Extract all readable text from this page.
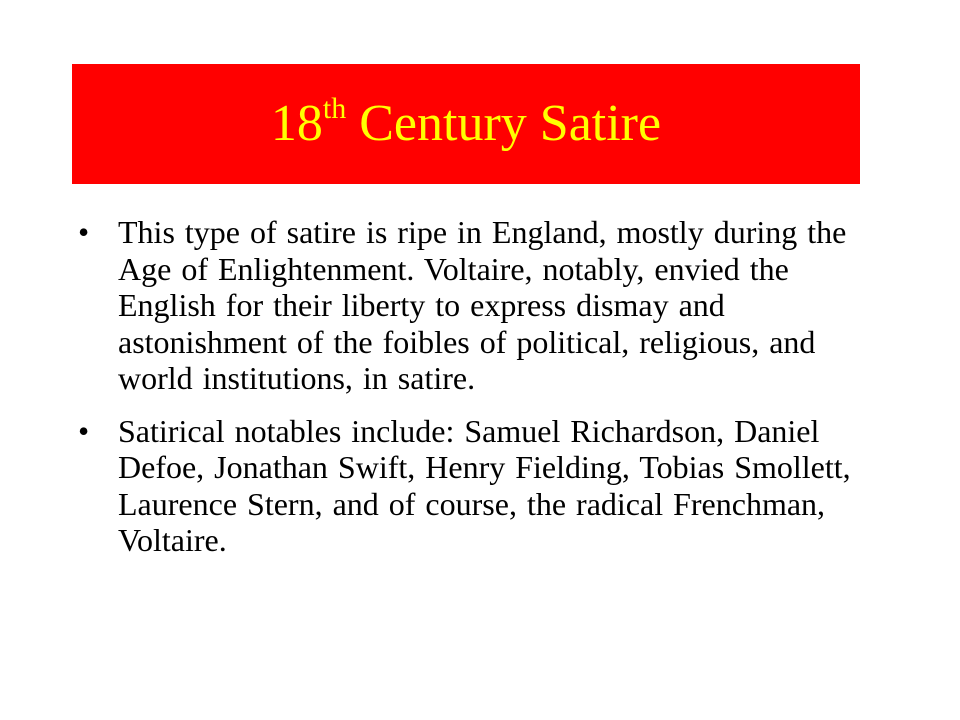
18th Century Satire
• This type of satire is ripe in England, mostly during the Age of Enlightenment. Voltaire, notably, envied the English for their liberty to express dismay and astonishment of the foibles of political, religious, and world institutions, in satire.
• Satirical notables include: Samuel Richardson, Daniel Defoe, Jonathan Swift, Henry Fielding, Tobias Smollett, Laurence Stern, and of course, the radical Frenchman, Voltaire.
